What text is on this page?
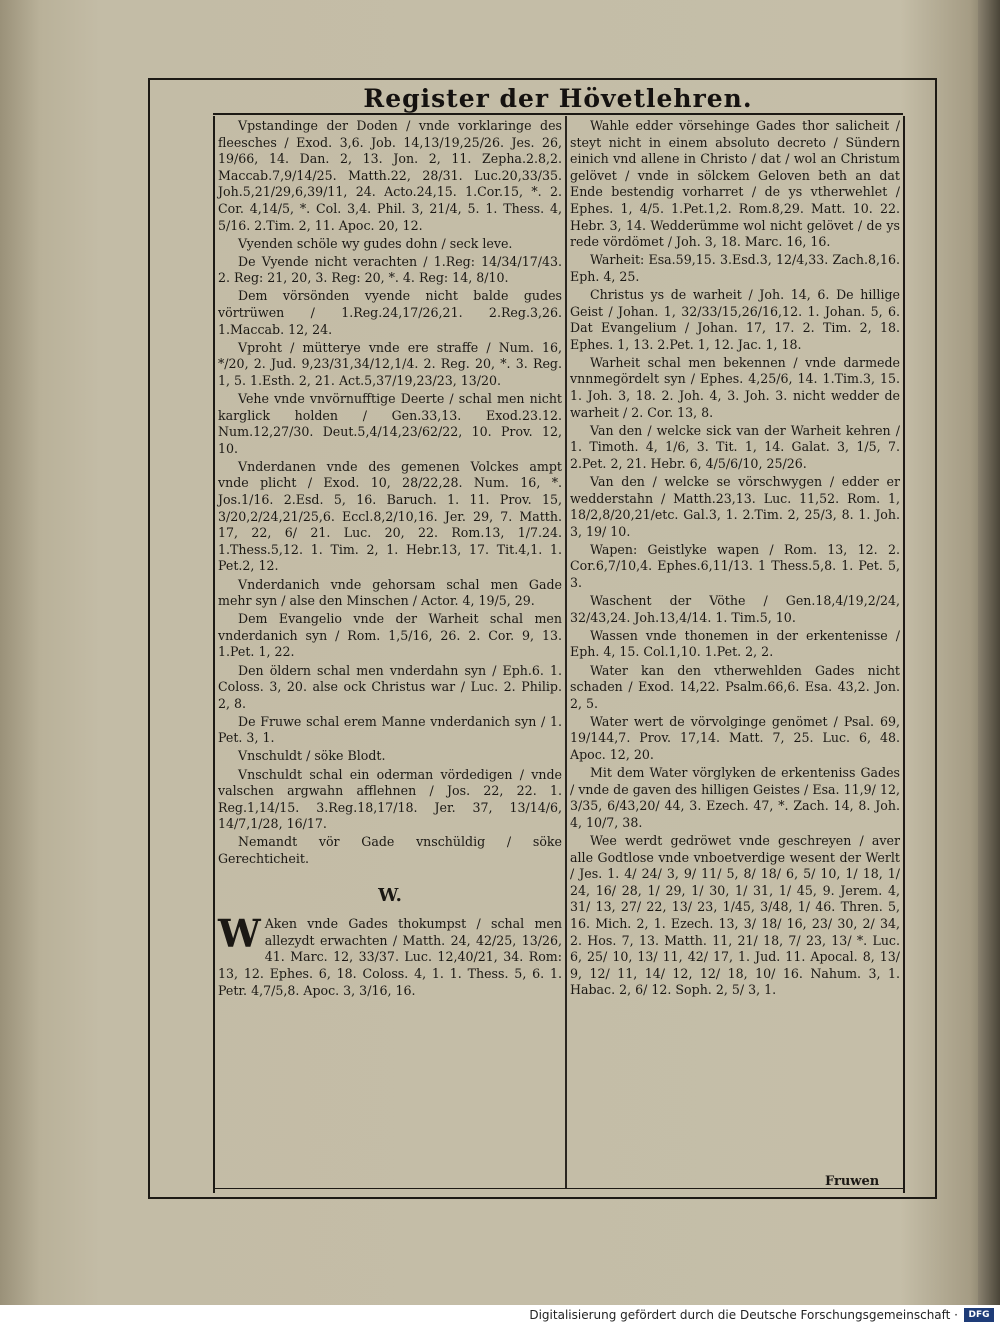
Register der Hövetlehren.

Vpstandinge der Doden / vnde vorklaringe des fleesches / Exod. 3,6. Job. 14,13/19,25/26. Jes. 26, 19/66, 14. Dan. 2, 13. Jon. 2, 11. Zepha.2.8,2. Maccab.7,9/14/25. Matth.22, 28/31. Luc.20,33/35. Joh.5,21/29,6,39/11, 24. Acto.24,15. 1.Cor.15, *. 2. Cor. 4,14/5, *. Col. 3,4. Phil. 3, 21/4, 5. 1. Thess. 4, 5/16. 2.Tim. 2, 11. Apoc. 20, 12.

Vyenden schöle wy gudes dohn / seck leve.

De Vyende nicht verachten / 1.Reg: 14/34/17/43. 2. Reg: 21, 20, 3. Reg: 20, *. 4. Reg: 14, 8/10.

Dem vörsönden vyende nicht balde gudes vörtrüwen / 1.Reg.24,17/26,21. 2.Reg.3,26. 1.Maccab. 12, 24.

Vproht / mütterye vnde ere straffe / Num. 16, */20, 2. Jud. 9,23/31,34/12,1/4. 2. Reg. 20, *. 3. Reg. 1, 5. 1.Esth. 2, 21. Act.5,37/19,23/23, 13/20.

Vehe vnde vnvörnufftige Deerte / schal men nicht karglick holden / Gen.33,13. Exod.23.12. Num.12,27/30. Deut.5,4/14,23/62/22, 10. Prov. 12, 10.

Vnderdanen vnde des gemenen Volckes ampt vnde plicht / Exod. 10, 28/22,28. Num. 16, *. Jos.1/16. 2.Esd. 5, 16. Baruch. 1. 11. Prov. 15, 3/20,2/24,21/25,6. Eccl.8,2/10,16. Jer. 29, 7. Matth. 17, 22, 6/ 21. Luc. 20, 22. Rom.13, 1/7.24. 1.Thess.5,12. 1. Tim. 2, 1. Hebr.13, 17. Tit.4,1. 1. Pet.2, 12.

Vnderdanich vnde gehorsam schal men Gade mehr syn / alse den Minschen / Actor. 4, 19/5, 29.

Dem Evangelio vnde der Warheit schal men vnderdanich syn / Rom. 1,5/16, 26. 2. Cor. 9, 13. 1.Pet. 1, 22.

Den öldern schal men vnderdahn syn / Eph.6. 1. Coloss. 3, 20. alse ock Christus war / Luc. 2. Philip. 2, 8.

De Fruwe schal erem Manne vnderdanich syn / 1. Pet. 3, 1.

Vnschuldt / söke Blodt.

Vnschuldt schal ein oderman vördedigen / vnde valschen argwahn afflehnen / Jos. 22, 22. 1. Reg.1,14/15. 3.Reg.18,17/18. Jer. 37, 13/14/6, 14/7,1/28, 16/17.

Nemandt vör Gade vnschüldig / söke Gerechticheit.

W.

W Aken vnde Gades thokumpst / schal men allezydt erwachten / Matth. 24, 42/25, 13/26, 41. Marc. 12, 33/37. Luc. 12,40/21, 34. Rom: 13, 12. Ephes. 6, 18. Coloss. 4, 1. 1. Thess. 5, 6. 1. Petr. 4,7/5,8. Apoc. 3, 3/16, 16.

Wahle edder vörsehinge Gades thor salicheit / steyt nicht in einem absoluto decreto / Sündern einich vnd allene in Christo / dat / wol an Christum gelövet / vnde in sölckem Geloven beth an dat Ende bestendig vorharret / de ys vtherwehlet / Ephes. 1, 4/5. 1.Pet.1,2. Rom.8,29. Matt. 10. 22. Hebr. 3, 14. Wedderümme wol nicht gelövet / de ys rede vördömet / Joh. 3, 18. Marc. 16, 16.

Warheit: Esa.59,15. 3.Esd.3, 12/4,33. Zach.8,16. Eph. 4, 25.

Christus ys de warheit / Joh. 14, 6. De hillige Geist / Johan. 1, 32/33/15,26/16,12. 1. Johan. 5, 6. Dat Evangelium / Johan. 17, 17. 2. Tim. 2, 18. Ephes. 1, 13. 2.Pet. 1, 12. Jac. 1, 18.

Warheit schal men bekennen / vnde darmede vnnmegördelt syn / Ephes. 4,25/6, 14. 1.Tim.3, 15. 1. Joh. 3, 18. 2. Joh. 4, 3. Joh. 3. nicht wedder de warheit / 2. Cor. 13, 8.

Van den / welcke sick van der Warheit kehren / 1. Timoth. 4, 1/6, 3. Tit. 1, 14. Galat. 3, 1/5, 7. 2.Pet. 2, 21. Hebr. 6, 4/5/6/10, 25/26.

Van den / welcke se vörschwygen / edder er wedderstahn / Matth.23,13. Luc. 11,52. Rom. 1, 18/2,8/20,21/etc. Gal.3, 1. 2.Tim. 2, 25/3, 8. 1. Joh. 3, 19/ 10.

Wapen: Geistlyke wapen / Rom. 13, 12. 2. Cor.6,7/10,4. Ephes.6,11/13. 1 Thess.5,8. 1. Pet. 5, 3.

Waschent der Vöthe / Gen.18,4/19,2/24, 32/43,24. Joh.13,4/14. 1. Tim.5, 10.

Wassen vnde thonemen in der erkentenisse / Eph. 4, 15. Col.1,10. 1.Pet. 2, 2.

Water kan den vtherwehlden Gades nicht schaden / Exod. 14,22. Psalm.66,6. Esa. 43,2. Jon. 2, 5.

Water wert de vörvolginge genömet / Psal. 69, 19/144,7. Prov. 17,14. Matt. 7, 25. Luc. 6, 48. Apoc. 12, 20.

Mit dem Water vörglyken de erkenteniss Gades / vnde de gaven des hilligen Geistes / Esa. 11,9/ 12, 3/35, 6/43,20/ 44, 3. Ezech. 47, *. Zach. 14, 8. Joh. 4, 10/7, 38.

Wee werdt gedröwet vnde geschreyen / aver alle Godtlose vnde vnboetverdige wesent der Werlt / Jes. 1. 4/ 24/ 3, 9/ 11/ 5, 8/ 18/ 6, 5/ 10, 1/ 18, 1/ 24, 16/ 28, 1/ 29, 1/ 30, 1/ 31, 1/ 45, 9. Jerem. 4, 31/ 13, 27/ 22, 13/ 23, 1/45, 3/48, 1/ 46. Thren. 5, 16. Mich. 2, 1. Ezech. 13, 3/ 18/ 16, 23/ 30, 2/ 34, 2. Hos. 7, 13. Matth. 11, 21/ 18, 7/ 23, 13/ *. Luc. 6, 25/ 10, 13/ 11, 42/ 17, 1. Jud. 11. Apocal. 8, 13/ 9, 12/ 11, 14/ 12, 12/ 18, 10/ 16. Nahum. 3, 1. Habac. 2, 6/ 12. Soph. 2, 5/ 3, 1.

Fruwen
Digitalisierung gefördert durch die Deutsche Forschungsgemeinschaft ·	DFG
